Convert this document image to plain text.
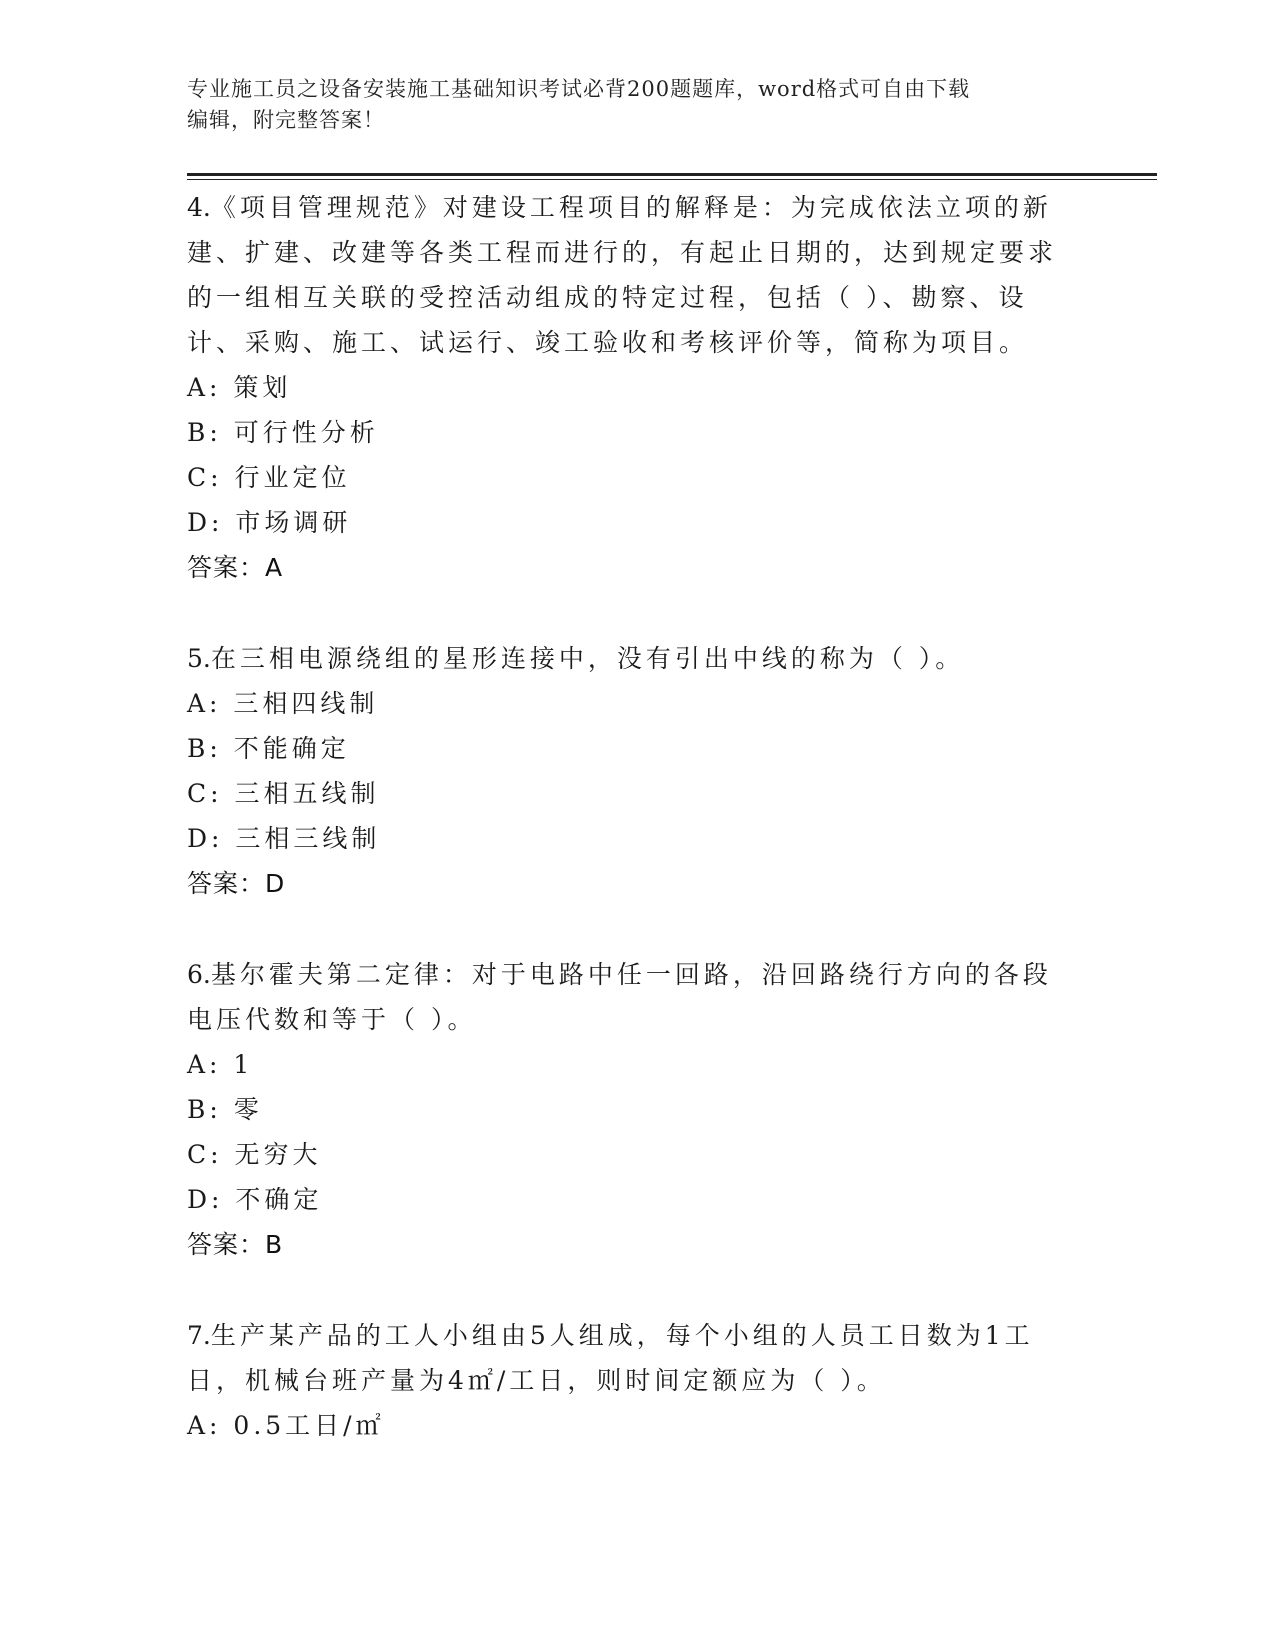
专业施工员之设备安装施工基础知识考试必背200题题库，word格式可自由下载
编辑，附完整答案！
4.《项目管理规范》对建设工程项目的解释是：为完成依法立项的新建、扩建、改建等各类工程而进行的，有起止日期的，达到规定要求的一组相互关联的受控活动组成的特定过程，包括（ ）、勘察、设计、采购、施工、试运行、竣工验收和考核评价等，简称为项目。
A: 策划
B: 可行性分析
C: 行业定位
D: 市场调研
答案：A
5.在三相电源绕组的星形连接中，没有引出中线的称为（ ）。
A: 三相四线制
B: 不能确定
C: 三相五线制
D: 三相三线制
答案：D
6.基尔霍夫第二定律：对于电路中任一回路，沿回路绕行方向的各段电压代数和等于（ ）。
A: 1
B: 零
C: 无穷大
D: 不确定
答案：B
7.生产某产品的工人小组由5人组成，每个小组的人员工日数为1工日，机械台班产量为4㎡/工日，则时间定额应为（ ）。
A: 0.5工日/㎡
